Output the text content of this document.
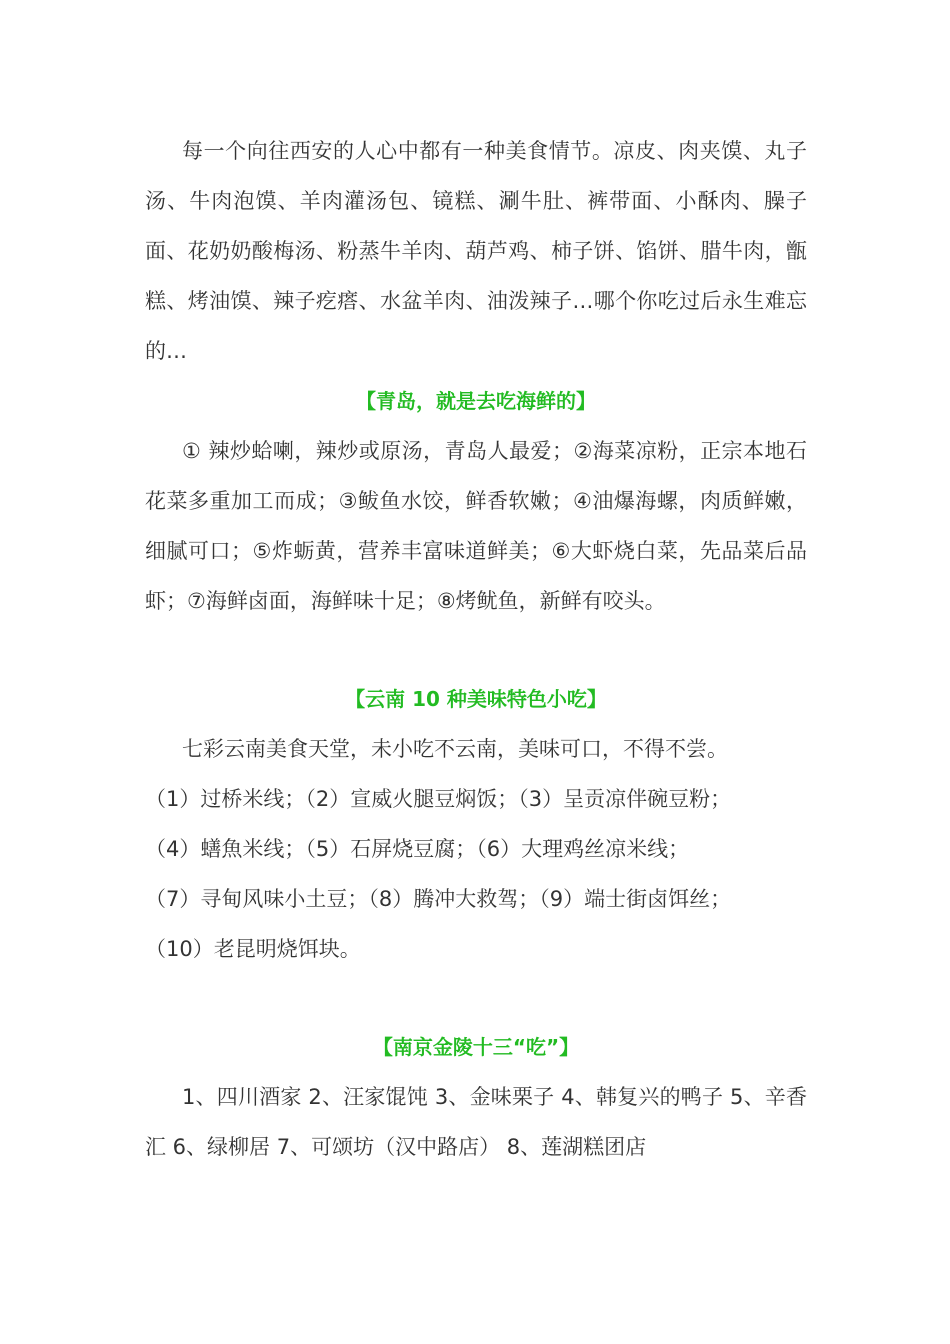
每一个向往西安的人心中都有一种美食情节。凉皮、肉夹馍、丸子汤、牛肉泡馍、羊肉灌汤包、镜糕、涮牛肚、裤带面、小酥肉、臊子面、花奶奶酸梅汤、粉蒸牛羊肉、葫芦鸡、柿子饼、馅饼、腊牛肉，甑糕、烤油馍、辣子疙瘩、水盆羊肉、油泼辣子…哪个你吃过后永生难忘的…

【青岛，就是去吃海鲜的】

① 辣炒蛤喇，辣炒或原汤，青岛人最爱；②海菜凉粉，正宗本地石花菜多重加工而成；③鲅鱼水饺，鲜香软嫩；④油爆海螺，肉质鲜嫩，细腻可口；⑤炸蛎黄，营养丰富味道鲜美；⑥大虾烧白菜，先品菜后品虾；⑦海鲜卤面，海鲜味十足；⑧烤鱿鱼，新鲜有咬头。

【云南 10 种美味特色小吃】

七彩云南美食天堂，未小吃不云南，美味可口，不得不尝。

（1）过桥米线；（2）宣威火腿豆焖饭；（3）呈贡凉伴碗豆粉；

（4）蟮魚米线；（5）石屏烧豆腐；（6）大理鸡丝凉米线；

（7）寻甸风味小土豆；（8）腾冲大救驾；（9）端士街卤饵丝；

（10）老昆明烧饵块。

【南京金陵十三“吃”】

1、四川酒家 2、汪家馄饨 3、金味栗子 4、韩复兴的鸭子 5、辛香汇 6、绿柳居 7、可颂坊（汉中路店） 8、莲湖糕团店
